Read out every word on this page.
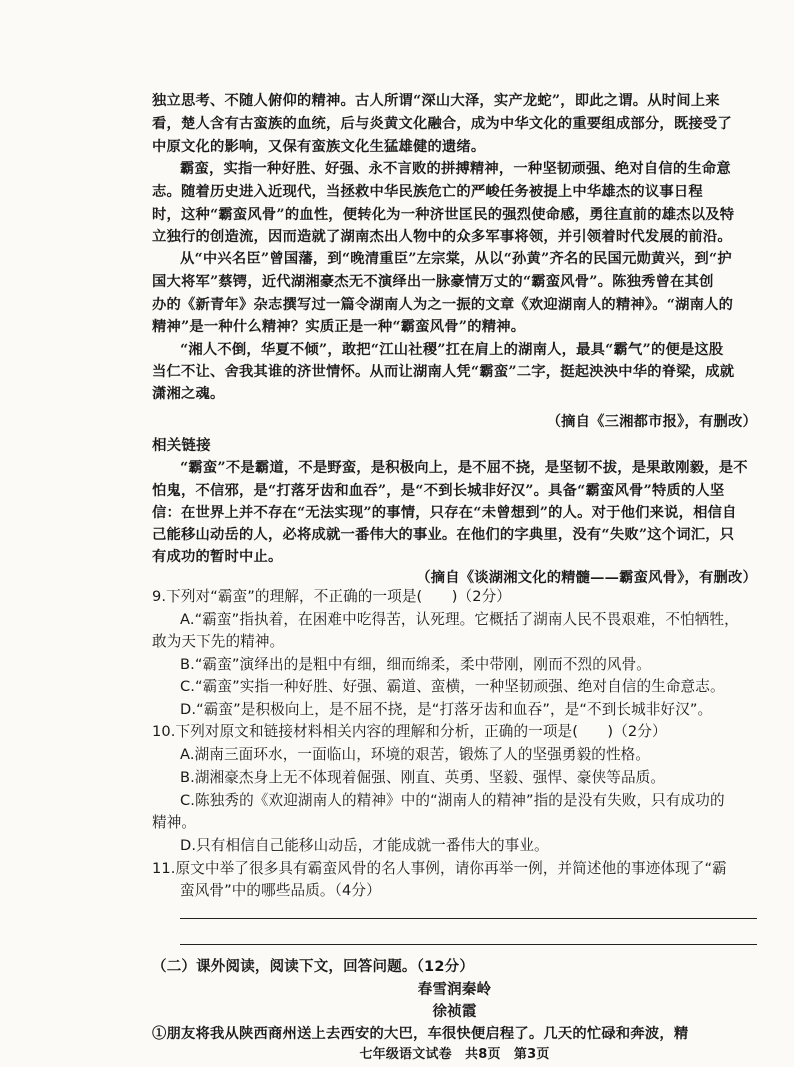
独立思考、不随人俯仰的精神。古人所谓“深山大泽，实产龙蛇”，即此之谓。从时间上来
看，楚人含有古蛮族的血统，后与炎黄文化融合，成为中华文化的重要组成部分，既接受了
中原文化的影响，又保有蛮族文化生猛雄健的遗绪。
霸蛮，实指一种好胜、好强、永不言败的拼搏精神，一种坚韧顽强、绝对自信的生命意
志。随着历史进入近现代，当拯救中华民族危亡的严峻任务被提上中华雄杰的议事日程
时，这种“霸蛮风骨”的血性，便转化为一种济世匡民的强烈使命感，勇往直前的雄杰以及特
立独行的创造流，因而造就了湖南杰出人物中的众多军事将领，并引领着时代发展的前沿。
从“中兴名臣”曾国藩，到“晚清重臣”左宗棠，从以“孙黄”齐名的民国元勋黄兴，到“护
国大将军”蔡锷，近代湖湘豪杰无不演绎出一脉豪情万丈的“霸蛮风骨”。陈独秀曾在其创
办的《新青年》杂志撰写过一篇令湖南人为之一振的文章《欢迎湖南人的精神》。“湖南人的
精神”是一种什么精神？实质正是一种“霸蛮风骨”的精神。
“湘人不倒，华夏不倾”，敢把“江山社稷”扛在肩上的湖南人，最具“霸气”的便是这股
当仁不让、舍我其谁的济世情怀。从而让湖南人凭“霸蛮”二字，挺起泱泱中华的脊梁，成就
潇湘之魂。
（摘自《三湘都市报》，有删改）
相关链接
“霸蛮”不是霸道，不是野蛮，是积极向上，是不屈不挠，是坚韧不拔，是果敢刚毅，是不
怕鬼，不信邪，是“打落牙齿和血吞”，是“不到长城非好汉”。具备“霸蛮风骨”特质的人坚
信：在世界上并不存在“无法实现”的事情，只存在“未曾想到”的人。对于他们来说，相信自
己能移山动岳的人，必将成就一番伟大的事业。在他们的字典里，没有“失败”这个词汇，只
有成功的暂时中止。
（摘自《谈湖湘文化的精髓——霸蛮风骨》，有删改）
9.下列对“霸蛮”的理解，不正确的一项是(　　)（2分）
A.“霸蛮”指执着，在困难中吃得苦，认死理。它概括了湖南人民不畏艰难，不怕牺牲，
敢为天下先的精神。
B.“霸蛮”演绎出的是粗中有细，细而绵柔，柔中带刚，刚而不烈的风骨。
C.“霸蛮”实指一种好胜、好强、霸道、蛮横，一种坚韧顽强、绝对自信的生命意志。
D.“霸蛮”是积极向上，是不屈不挠，是“打落牙齿和血吞”，是“不到长城非好汉”。
10.下列对原文和链接材料相关内容的理解和分析，正确的一项是(　　)（2分）
A.湖南三面环水，一面临山，环境的艰苦，锻炼了人的坚强勇毅的性格。
B.湖湘豪杰身上无不体现着倔强、刚直、英勇、坚毅、强悍、豪侠等品质。
C.陈独秀的《欢迎湖南人的精神》中的“湖南人的精神”指的是没有失败，只有成功的
精神。
D.只有相信自己能移山动岳，才能成就一番伟大的事业。
11.原文中举了很多具有霸蛮风骨的名人事例，请你再举一例，并简述他的事迹体现了“霸
蛮风骨”中的哪些品质。（4分）
（二）课外阅读，阅读下文，回答问题。（12分）
春雪润秦岭
徐祯霞
①朋友将我从陕西商州送上去西安的大巴，车很快便启程了。几天的忙碌和奔波，精
七年级语文试卷　共8页　第3页
